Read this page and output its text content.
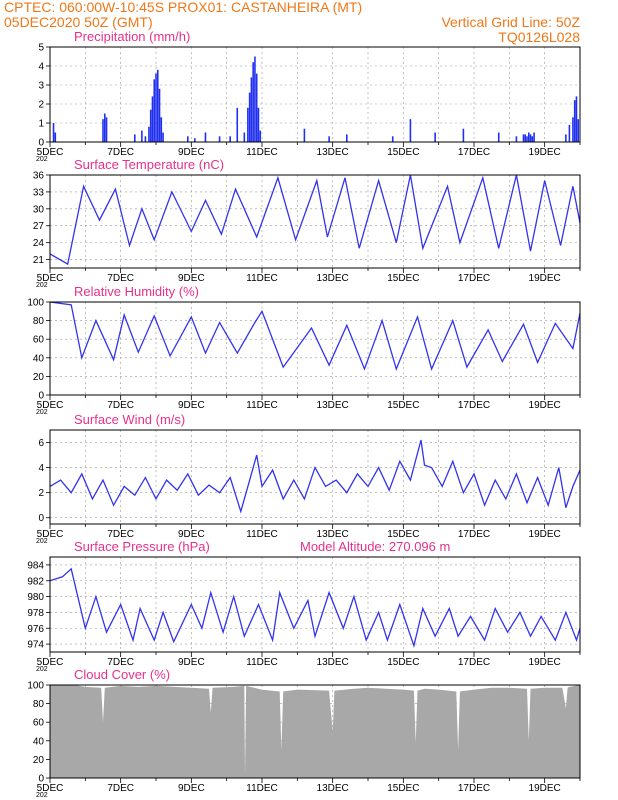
CPTEC: 060:00W-10:45S PROX01: CASTANHEIRA (MT)
05DEC2020 50Z (GMT)	Vertical Grid Line: 50Z
TQ0126L028
0
1
2
3
4
5
5DEC	7DEC	9DEC	11DEC	13DEC	15DEC	17DEC	19DEC
202
Precipitation (mm/h)
21
24
27
30
33
36
5DEC	7DEC	9DEC	11DEC	13DEC	15DEC	17DEC	19DEC
202
Surface Temperature (nC)
0
20
40
60
80
100
5DEC	7DEC	9DEC	11DEC	13DEC	15DEC	17DEC	19DEC
202
Relative Humidity (%)
0
2
4
6
5DEC	7DEC	9DEC	11DEC	13DEC	15DEC	17DEC	19DEC
202
Surface Wind (m/s)
974
976
978
980
982
984
5DEC	7DEC	9DEC	11DEC	13DEC	15DEC	17DEC	19DEC
202
Surface Pressure (hPa)
0
20
40
60
80
100
5DEC	7DEC	9DEC	11DEC	13DEC	15DEC	17DEC	19DEC
202
Cloud Cover (%)
Model Altitude: 270.096 m
